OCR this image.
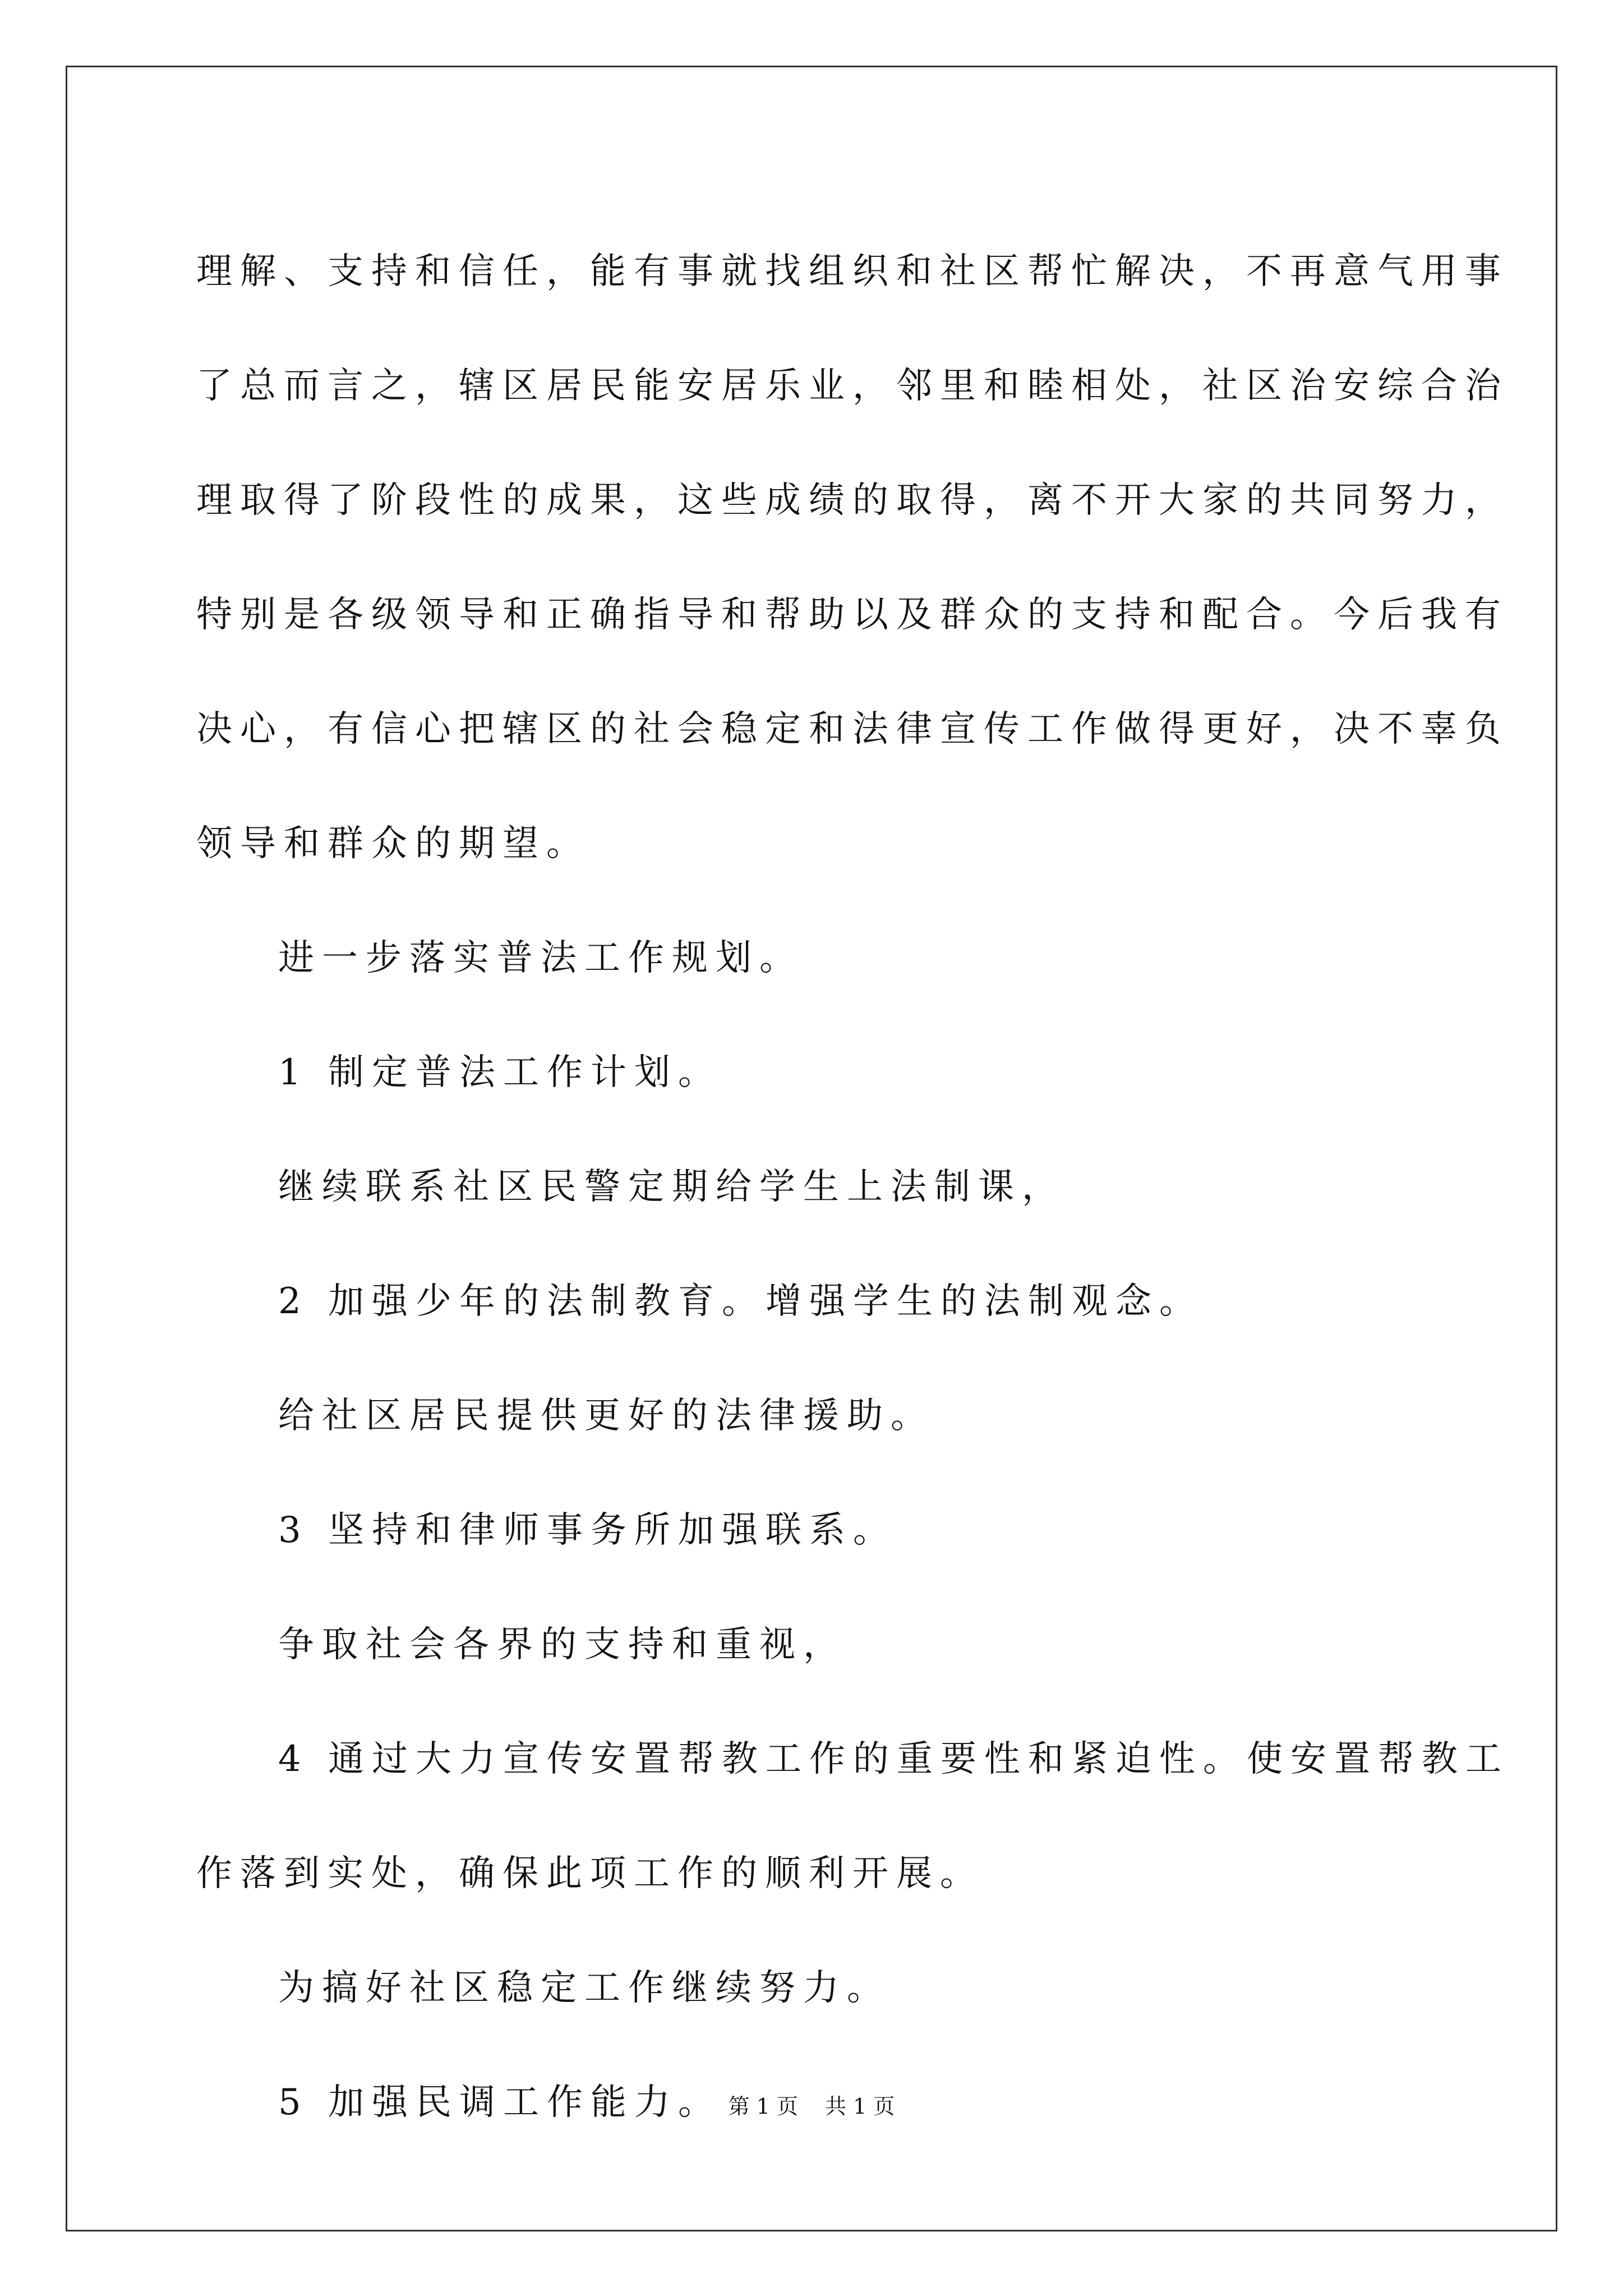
理解、支持和信任，能有事就找组织和社区帮忙解决，不再意气用事
了总而言之，辖区居民能安居乐业，邻里和睦相处，社区治安综合治
理取得了阶段性的成果，这些成绩的取得，离不开大家的共同努力，
特别是各级领导和正确指导和帮助以及群众的支持和配合。今后我有
决心，有信心把辖区的社会稳定和法律宣传工作做得更好，决不辜负
领导和群众的期望。

进一步落实普法工作规划。

1 制定普法工作计划。

继续联系社区民警定期给学生上法制课，

2 加强少年的法制教育。增强学生的法制观念。

给社区居民提供更好的法律援助。

3 坚持和律师事务所加强联系。

争取社会各界的支持和重视，

4 通过大力宣传安置帮教工作的重要性和紧迫性。使安置帮教工
作落到实处，确保此项工作的顺利开展。

为搞好社区稳定工作继续努力。

5 加强民调工作能力。 第 1 页 共 1 页
